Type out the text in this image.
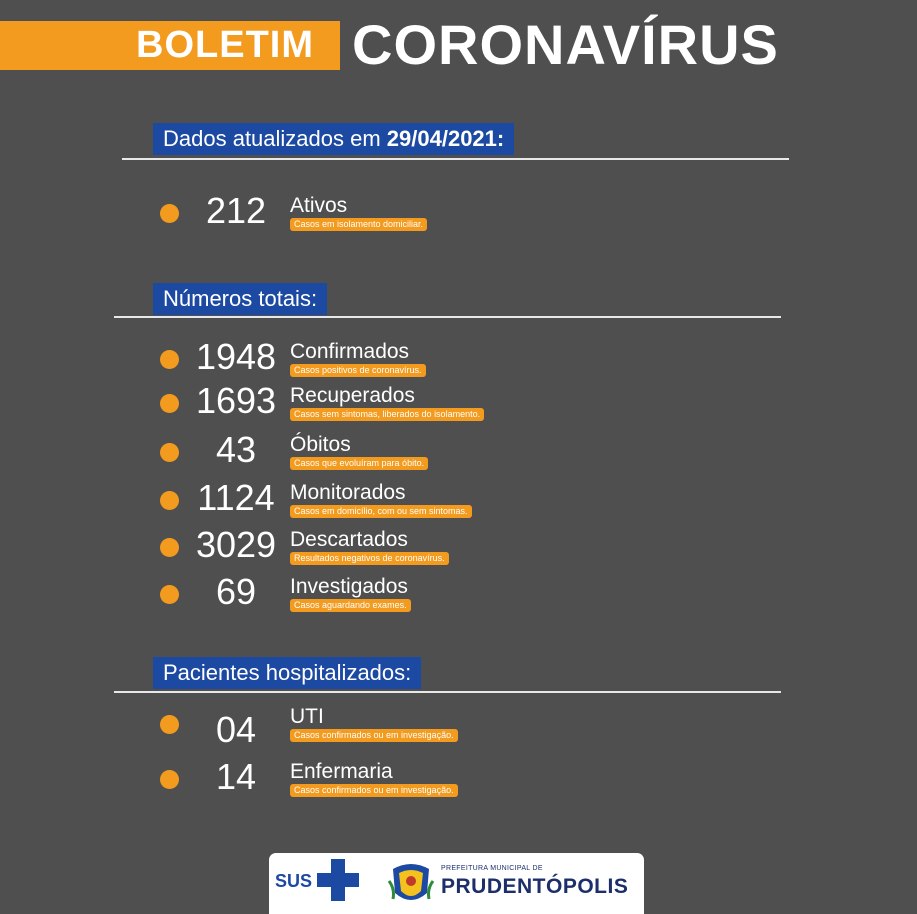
BOLETIM CORONAVÍRUS
Dados atualizados em 29/04/2021:
212	Ativos
Casos em isolamento domiciliar.
Números totais:
1948 Confirmados
Casos positivos de coronavírus.
1693 Recuperados
Casos sem sintomas, liberados do isolamento.
43	Óbitos
Casos que evoluíram para óbito.
1124 Monitorados
Casos em domicílio, com ou sem sintomas.
3029 Descartados
Resultados negativos de coronavírus.
69	Investigados
Casos aguardando exames.
Pacientes hospitalizados:
04	UTI
Casos confirmados ou em investigação.
14	Enfermaria
Casos confirmados ou em investigação.
SUS
PREFEITURA MUNICIPAL DE
PRUDENTÓPOLIS
